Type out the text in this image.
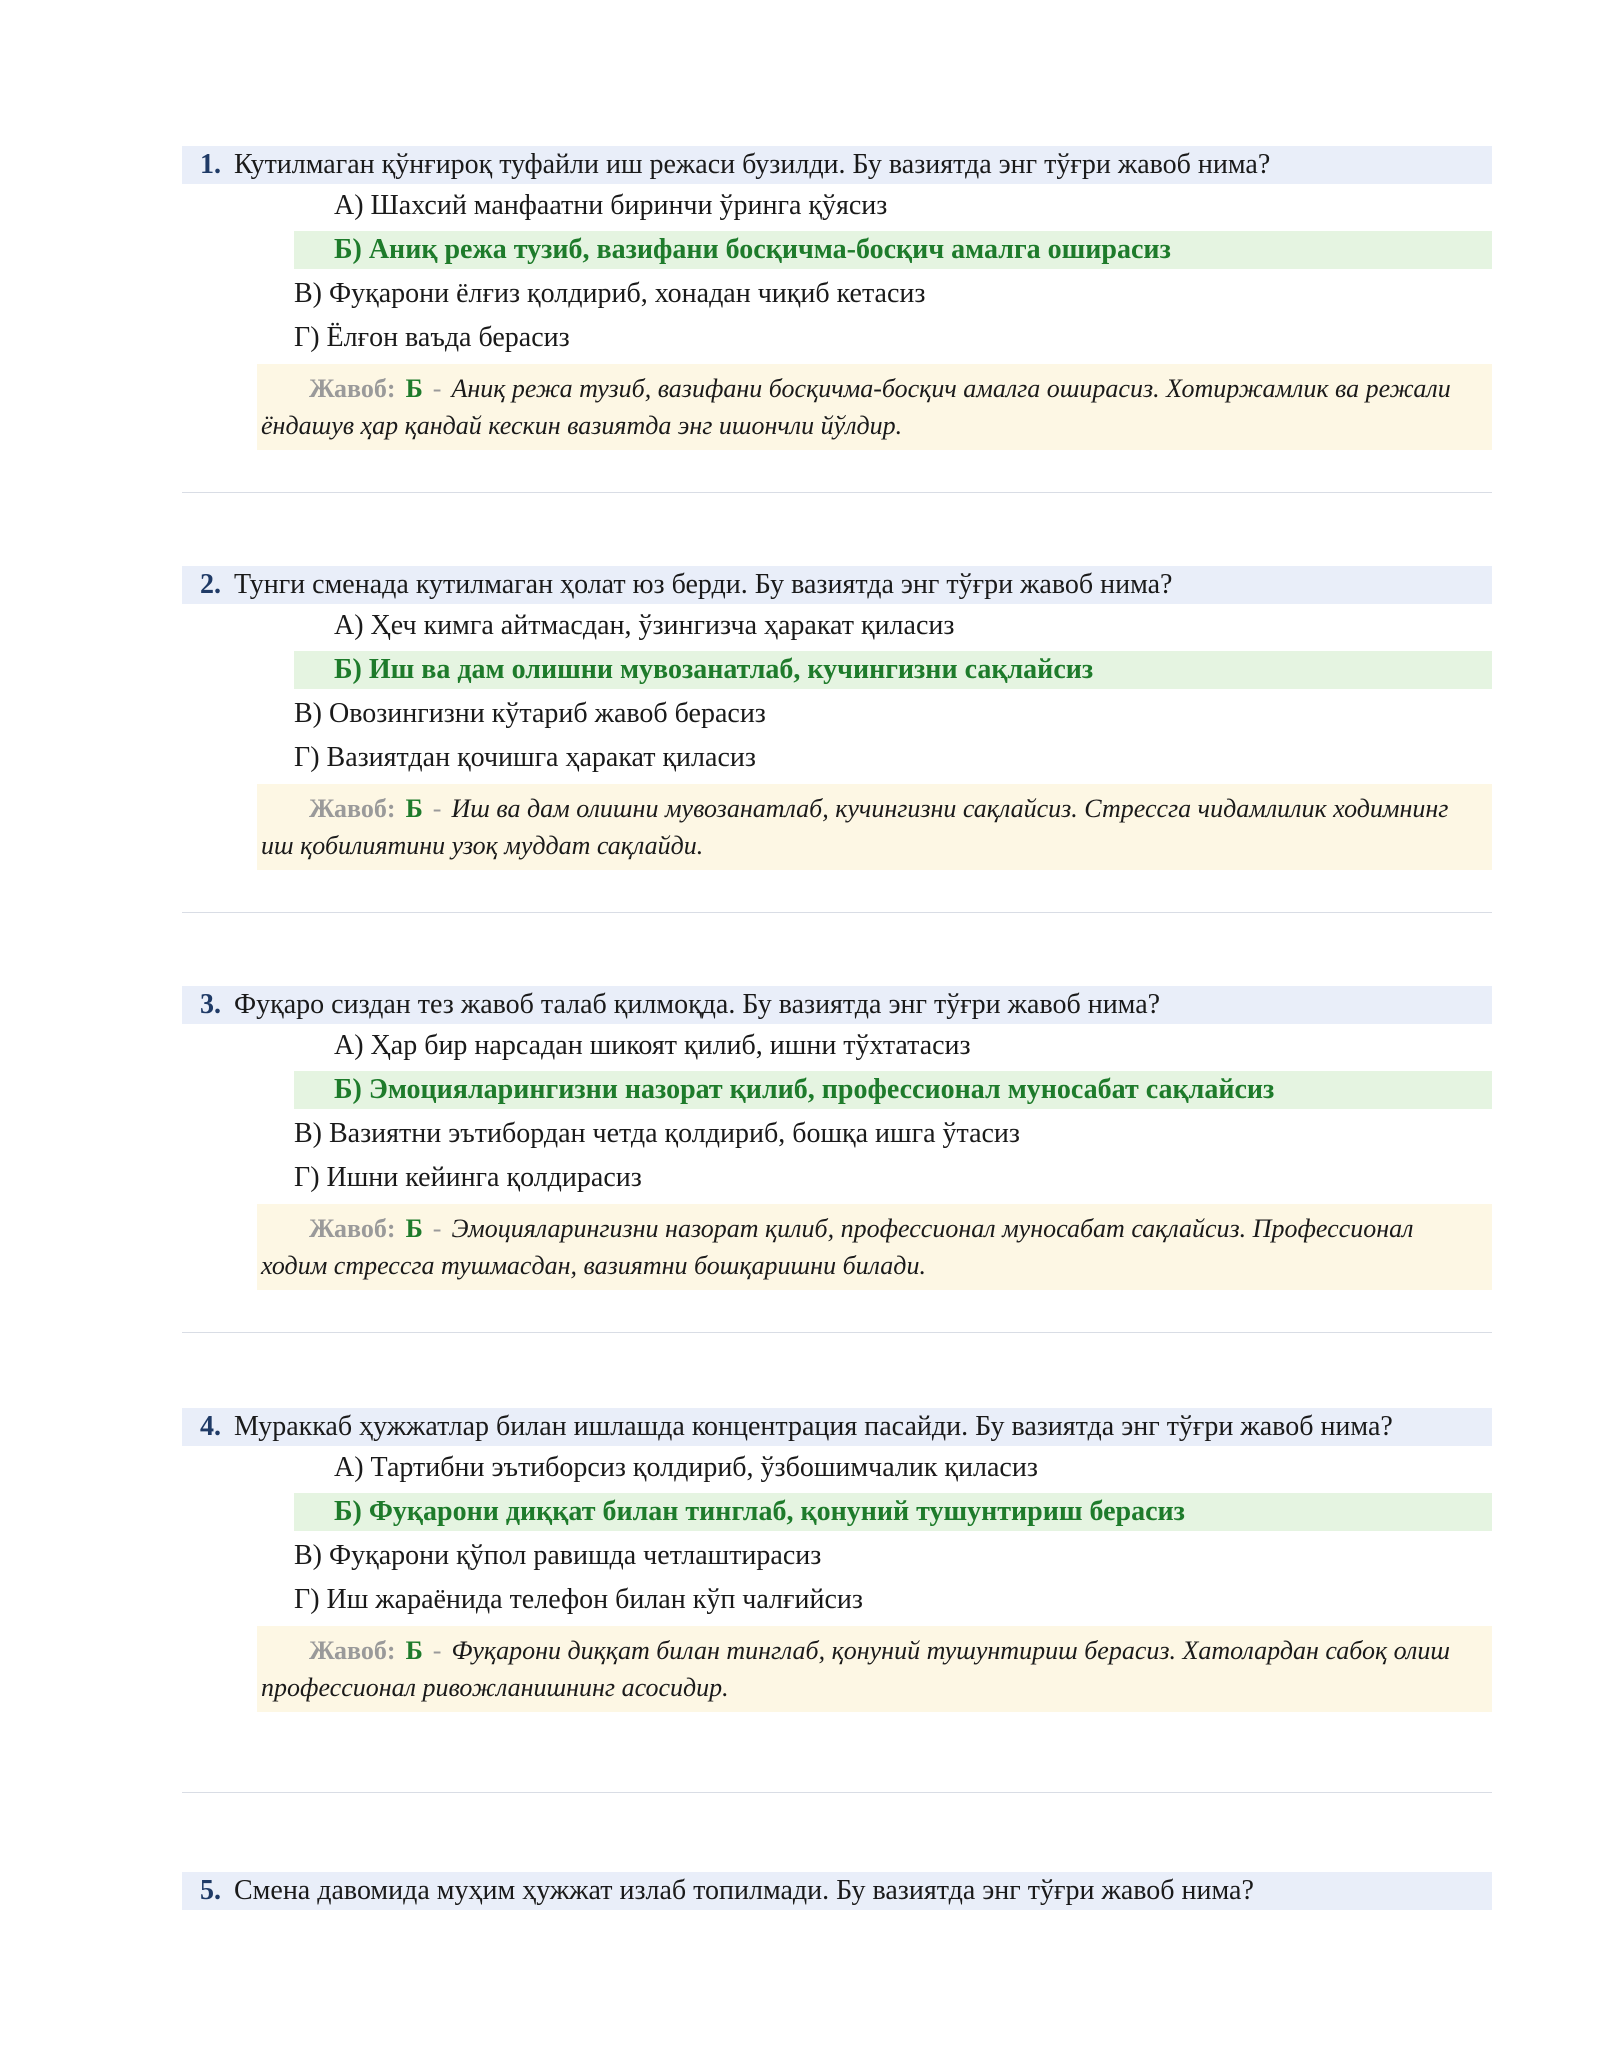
1. Кутилмаган қўнғироқ туфайли иш режаси бузилди. Бу вазиятда энг тўғри жавоб нима?
А) Шахсий манфаатни биринчи ўринга қўясиз
Б) Аниқ режа тузиб, вазифани босқичма-босқич амалга оширасиз
В) Фуқарони ёлғиз қолдириб, хонадан чиқиб кетасиз
Г) Ёлғон ваъда берасиз
Жавоб: Б - Аниқ режа тузиб, вазифани босқичма-босқич амалга оширасиз. Хотиржамлик ва режали ёндашув ҳар қандай кескин вазиятда энг ишончли йўлдир.
2. Тунги сменада кутилмаган ҳолат юз берди. Бу вазиятда энг тўғри жавоб нима?
А) Ҳеч кимга айтмасдан, ўзингизча ҳаракат қиласиз
Б) Иш ва дам олишни мувозанатлаб, кучингизни сақлайсиз
В) Овозингизни кўтариб жавоб берасиз
Г) Вазиятдан қочишга ҳаракат қиласиз
Жавоб: Б - Иш ва дам олишни мувозанатлаб, кучингизни сақлайсиз. Стрессга чидамлилик ходимнинг иш қобилиятини узоқ муддат сақлайди.
3. Фуқаро сиздан тез жавоб талаб қилмоқда. Бу вазиятда энг тўғри жавоб нима?
А) Ҳар бир нарсадан шикоят қилиб, ишни тўхтатасиз
Б) Эмоцияларингизни назорат қилиб, профессионал муносабат сақлайсиз
В) Вазиятни эътибордан четда қолдириб, бошқа ишга ўтасиз
Г) Ишни кейинга қолдирасиз
Жавоб: Б - Эмоцияларингизни назорат қилиб, профессионал муносабат сақлайсиз. Профессионал ходим стрессга тушмасдан, вазиятни бошқаришни билади.
4. Мураккаб ҳужжатлар билан ишлашда концентрация пасайди. Бу вазиятда энг тўғри жавоб нима?
А) Тартибни эътиборсиз қолдириб, ўзбошимчалик қиласиз
Б) Фуқарони диққат билан тинглаб, қонуний тушунтириш берасиз
В) Фуқарони қўпол равишда четлаштирасиз
Г) Иш жараёнида телефон билан кўп чалғийсиз
Жавоб: Б - Фуқарони диққат билан тинглаб, қонуний тушунтириш берасиз. Хатолардан сабоқ олиш профессионал ривожланишнинг асосидир.
5. Смена давомида муҳим ҳужжат излаб топилмади. Бу вазиятда энг тўғри жавоб нима?
